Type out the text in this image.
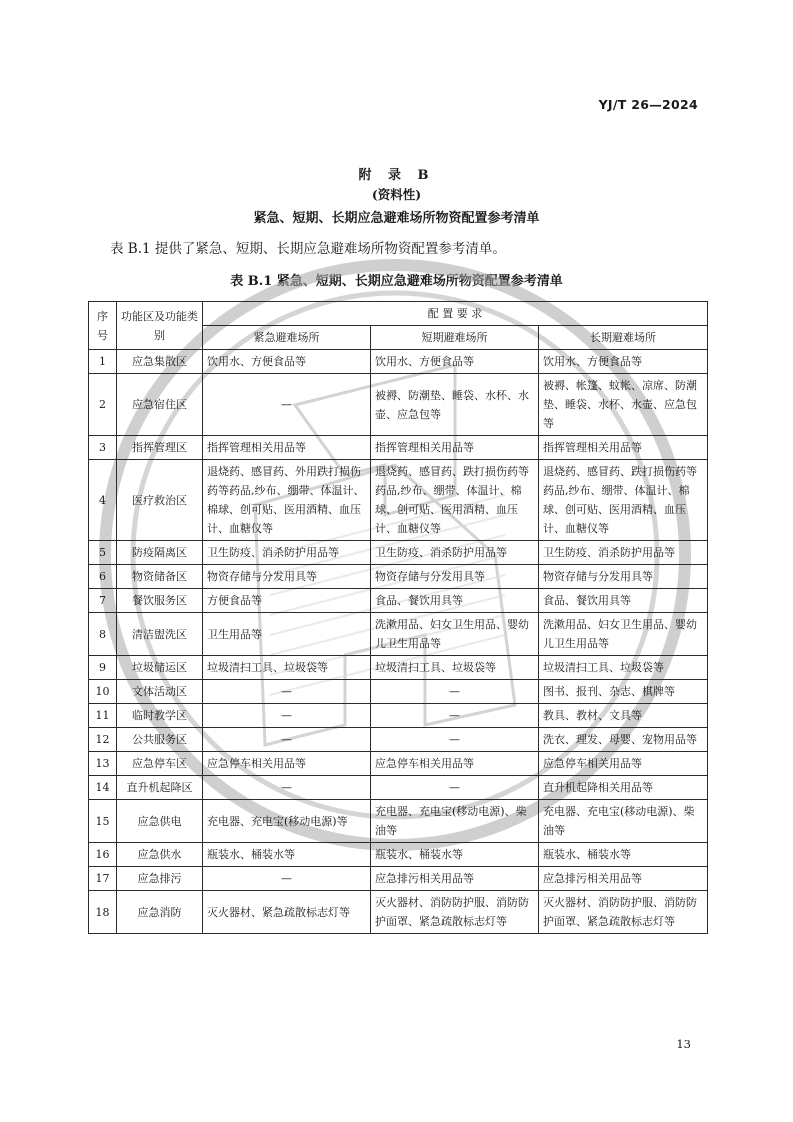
YJ/T 26—2024
附 录 B
(资料性)
紧急、短期、长期应急避难场所物资配置参考清单
表 B.1 提供了紧急、短期、长期应急避难场所物资配置参考清单。
表 B.1 紧急、短期、长期应急避难场所物资配置参考清单
序号	功能区及功能类别	配 置 要 求		
		紧急避难场所	短期避难场所	长期避难场所
1	应急集散区	饮用水、方便食品等	饮用水、方便食品等	饮用水、方便食品等
2	应急宿住区	—	被褥、防潮垫、睡袋、水杯、水壶、应急包等	被褥、帐篷、蚊帐、凉席、防潮垫、睡袋、水杯、水壶、应急包等
3	指挥管理区	指挥管理相关用品等	指挥管理相关用品等	指挥管理相关用品等
4	医疗救治区	退烧药、感冒药、外用跌打损伤药等药品,纱布、绷带、体温计、棉球、创可贴、医用酒精、血压计、血糖仪等	退烧药、感冒药、跌打损伤药等药品,纱布、绷带、体温计、棉球、创可贴、医用酒精、血压计、血糖仪等	退烧药、感冒药、跌打损伤药等药品,纱布、绷带、体温计、棉球、创可贴、医用酒精、血压计、血糖仪等
5	防疫隔离区	卫生防疫、消杀防护用品等	卫生防疫、消杀防护用品等	卫生防疫、消杀防护用品等
6	物资储备区	物资存储与分发用具等	物资存储与分发用具等	物资存储与分发用具等
7	餐饮服务区	方便食品等	食品、餐饮用具等	食品、餐饮用具等
8	清洁盥洗区	卫生用品等	洗漱用品、妇女卫生用品、婴幼儿卫生用品等	洗漱用品、妇女卫生用品、婴幼儿卫生用品等
9	垃圾储运区	垃圾清扫工具、垃圾袋等	垃圾清扫工具、垃圾袋等	垃圾清扫工具、垃圾袋等
10	文体活动区	—	—	图书、报刊、杂志、棋牌等
11	临时教学区	—	—	教具、教材、文具等
12	公共服务区	—	—	洗衣、理发、母婴、宠物用品等
13	应急停车区	应急停车相关用品等	应急停车相关用品等	应急停车相关用品等
14	直升机起降区	—	—	直升机起降相关用品等
15	应急供电	充电器、充电宝(移动电源)等	充电器、充电宝(移动电源)、柴油等	充电器、充电宝(移动电源)、柴油等
16	应急供水	瓶装水、桶装水等	瓶装水、桶装水等	瓶装水、桶装水等
17	应急排污	—	应急排污相关用品等	应急排污相关用品等
18	应急消防	灭火器材、紧急疏散标志灯等	灭火器材、消防防护服、消防防护面罩、紧急疏散标志灯等	灭火器材、消防防护服、消防防护面罩、紧急疏散标志灯等
13
